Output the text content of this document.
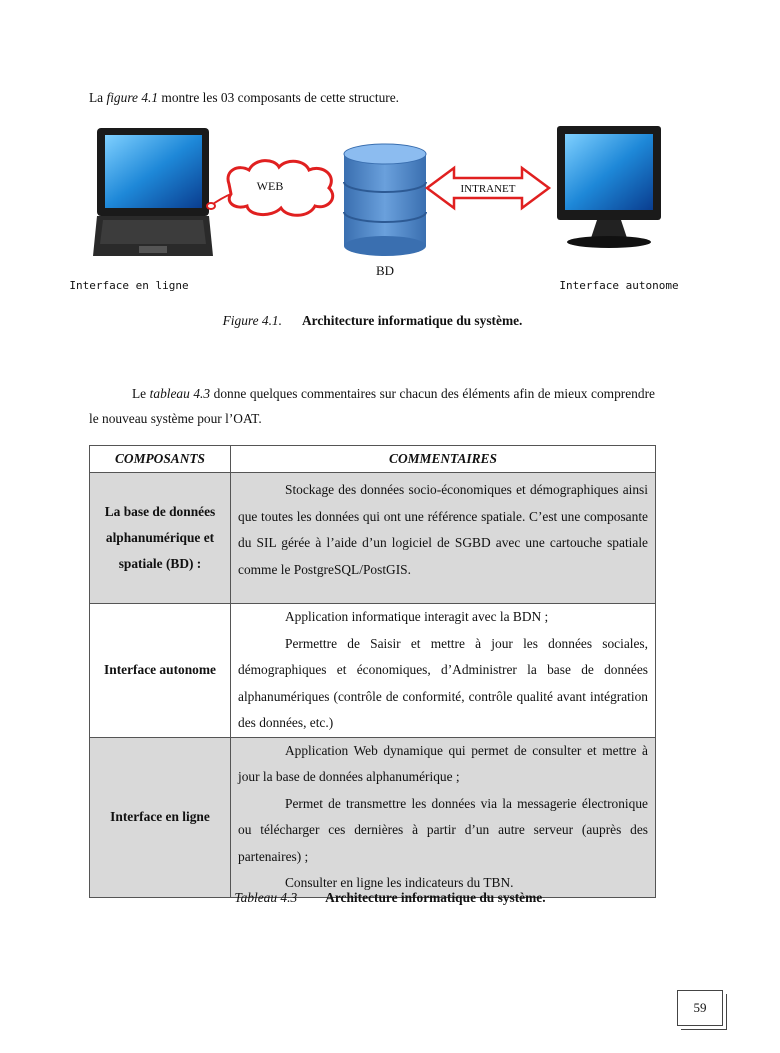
La figure 4.1 montre les 03 composants de cette structure.

WEB
BD
INTRANET
Interface en ligne	Interface autonome

Figure 4.1. Architecture informatique du système.

Le tableau 4.3 donne quelques commentaires sur chacun des éléments afin de mieux comprendre le nouveau système pour l’OAT.

COMPOSANTS	COMMENTAIRES
La base de données alphanumérique et spatiale (BD) :	Stockage des données socio-économiques et démographiques ainsi que toutes les données qui ont une référence spatiale. C’est une composante du SIL gérée à l’aide d’un logiciel de SGBD avec une cartouche spatiale comme le PostgreSQL/PostGIS.

Interface autonome	Application informatique interagit avec la BDN ;

Permettre de Saisir et mettre à jour les données sociales, démographiques et économiques, d’Administrer la base de données alphanumériques (contrôle de conformité, contrôle qualité avant intégration des données, etc.)

Interface en ligne	Application Web dynamique qui permet de consulter et mettre à jour la base de données alphanumérique ;

Permet de transmettre les données via la messagerie électronique ou télécharger ces dernières à partir d’un autre serveur (auprès des partenaires) ;

Consulter en ligne les indicateurs du TBN.

Tableau 4.3 Architecture informatique du système.

59
